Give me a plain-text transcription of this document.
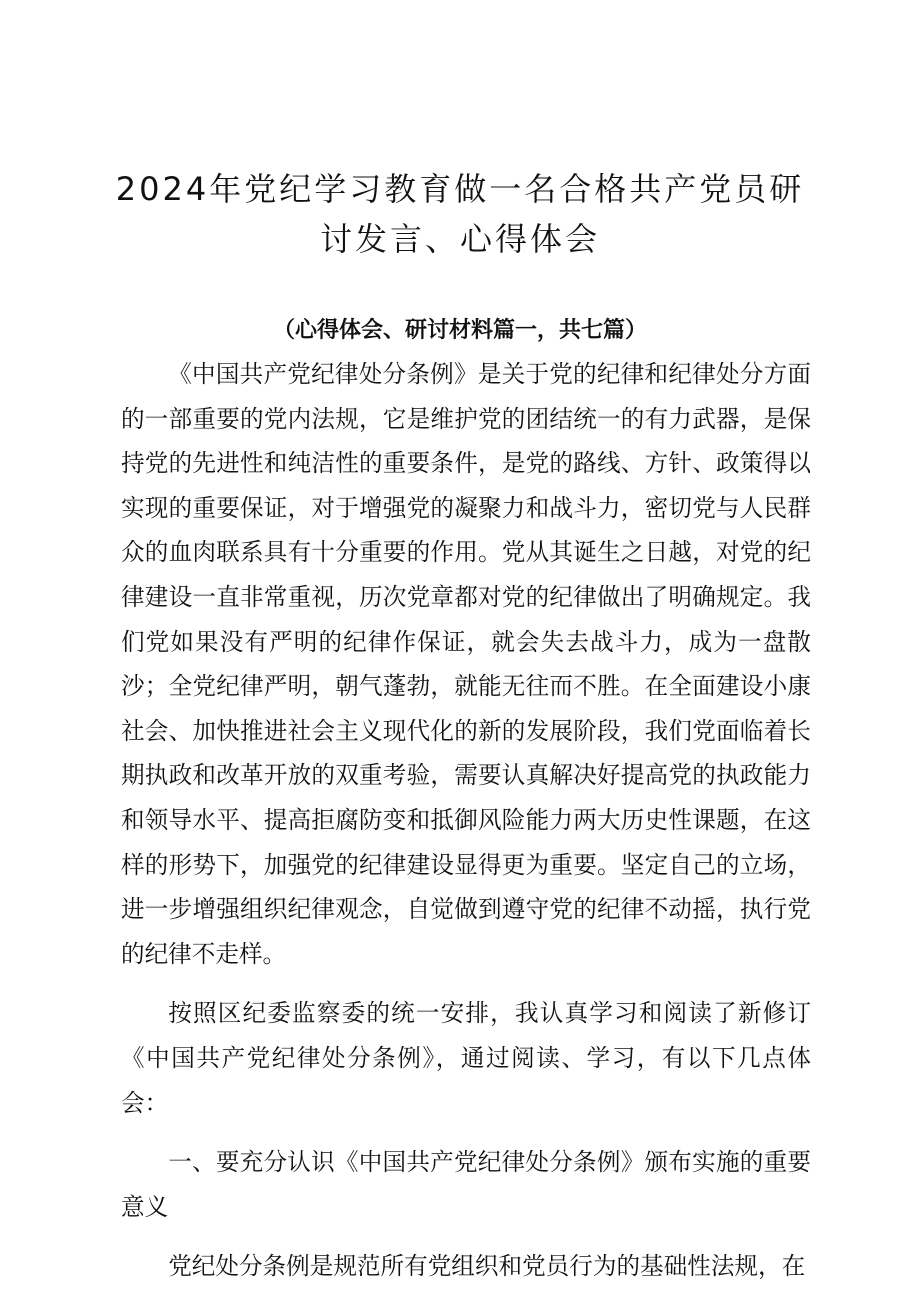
2024年党纪学习教育做一名合格共产党员研
讨发言、心得体会

（心得体会、研讨材料篇一，共七篇）

《中国共产党纪律处分条例》是关于党的纪律和纪律处分方面的一部重要的党内法规，它是维护党的团结统一的有力武器，是保持党的先进性和纯洁性的重要条件，是党的路线、方针、政策得以实现的重要保证，对于增强党的凝聚力和战斗力，密切党与人民群众的血肉联系具有十分重要的作用。党从其诞生之日越，对党的纪律建设一直非常重视，历次党章都对党的纪律做出了明确规定。我们党如果没有严明的纪律作保证，就会失去战斗力，成为一盘散沙；全党纪律严明，朝气蓬勃，就能无往而不胜。在全面建设小康社会、加快推进社会主义现代化的新的发展阶段，我们党面临着长期执政和改革开放的双重考验，需要认真解决好提高党的执政能力和领导水平、提高拒腐防变和抵御风险能力两大历史性课题，在这样的形势下，加强党的纪律建设显得更为重要。坚定自己的立场，进一步增强组织纪律观念，自觉做到遵守党的纪律不动摇，执行党的纪律不走样。

按照区纪委监察委的统一安排，我认真学习和阅读了新修订《中国共产党纪律处分条例》，通过阅读、学习，有以下几点体会：

一、要充分认识《中国共产党纪律处分条例》颁布实施的重要意义

党纪处分条例是规范所有党组织和党员行为的基础性法规，在
